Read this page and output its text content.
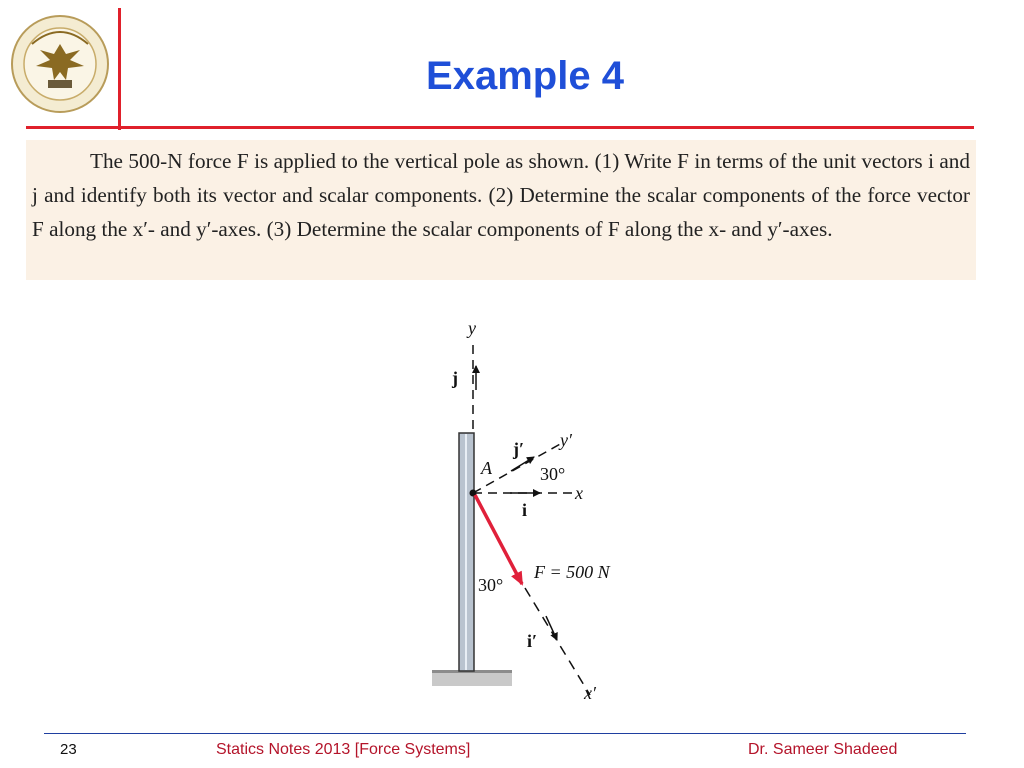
Example 4

The 500-N force F is applied to the vertical pole as shown. (1) Write F in terms of the unit vectors i and j and identify both its vector and scalar components. (2) Determine the scalar components of the force vector F along the x′- and y′-axes. (3) Determine the scalar components of F along the x- and y′-axes.

y
j
j′ y′
A	30°
x
i
F = 500 N
30°
i′
x′
23	Statics Notes 2013 [Force Systems]	Dr. Sameer Shadeed
